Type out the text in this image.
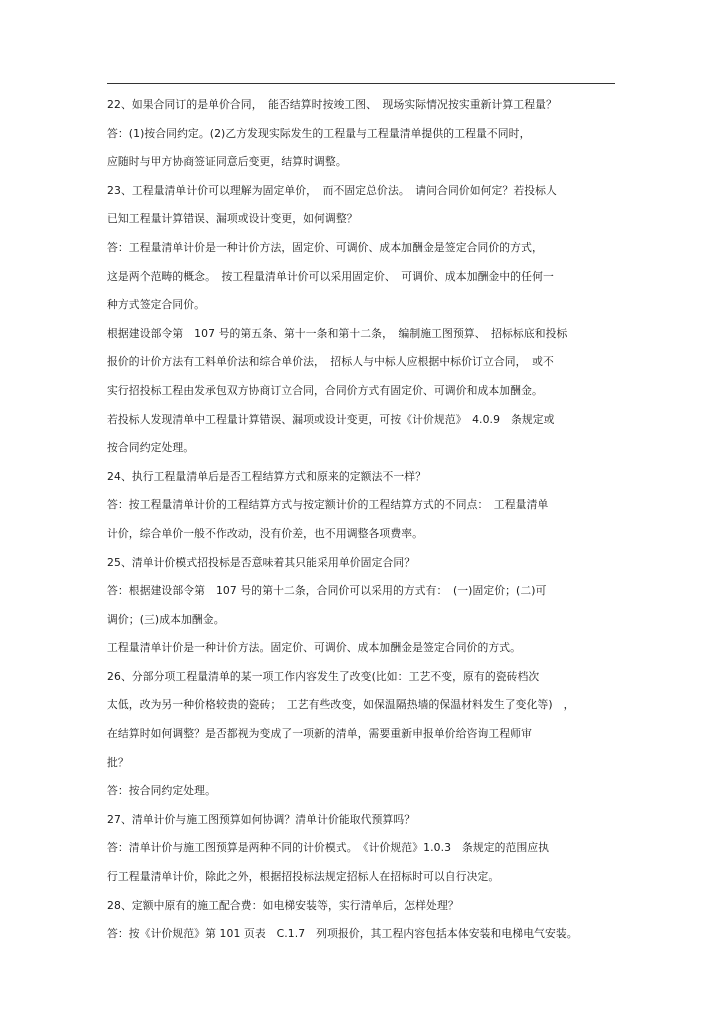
22、如果合同订的是单价合同，　能否结算时按竣工图、　现场实际情况按实重新计算工程量？
答：(1)按合同约定。(2)乙方发现实际发生的工程量与工程量清单提供的工程量不同时，
应随时与甲方协商签证同意后变更，结算时调整。
23、工程量清单计价可以理解为固定单价，　而不固定总价法。　请问合同价如何定？若投标人
已知工程量计算错误、漏项或设计变更，如何调整？
答：工程量清单计价是一种计价方法，固定价、可调价、成本加酬金是签定合同价的方式，
这是两个范畴的概念。　按工程量清单计价可以采用固定价、　可调价、成本加酬金中的任何一
种方式签定合同价。
根据建设部令第　107 号的第五条、第十一条和第十二条，　编制施工图预算、　招标标底和投标
报价的计价方法有工料单价法和综合单价法，　招标人与中标人应根据中标价订立合同，　或不
实行招投标工程由发承包双方协商订立合同，合同价方式有固定价、可调价和成本加酬金。
若投标人发现清单中工程量计算错误、漏项或设计变更，可按《计价规范》　4.0.9　条规定或
按合同约定处理。
24、执行工程量清单后是否工程结算方式和原来的定额法不一样？
答：按工程量清单计价的工程结算方式与按定额计价的工程结算方式的不同点：　工程量清单
计价，综合单价一般不作改动，没有价差，也不用调整各项费率。
25、清单计价模式招投标是否意味着其只能采用单价固定合同？
答：根据建设部令第　107 号的第十二条，合同价可以采用的方式有：　(一)固定价；(二)可
调价；(三)成本加酬金。
工程量清单计价是一种计价方法。固定价、可调价、成本加酬金是签定合同价的方式。
26、分部分项工程量清单的某一项工作内容发生了改变(比如：工艺不变，原有的瓷砖档次
太低，改为另一种价格较贵的瓷砖；　工艺有些改变，如保温隔热墙的保温材料发生了变化等)　，
在结算时如何调整？是否都视为变成了一项新的清单，需要重新申报单价给咨询工程师审
批？
答：按合同约定处理。
27、清单计价与施工图预算如何协调？清单计价能取代预算吗？
答：清单计价与施工图预算是两种不同的计价模式。　《计价规范》1.0.3　条规定的范围应执
行工程量清单计价，除此之外，根据招投标法规定招标人在招标时可以自行决定。
28、定额中原有的施工配合费：如电梯安装等，实行清单后，怎样处理？
答：按《计价规范》第 101 页表　C.1.7　列项报价，其工程内容包括本体安装和电梯电气安装。
